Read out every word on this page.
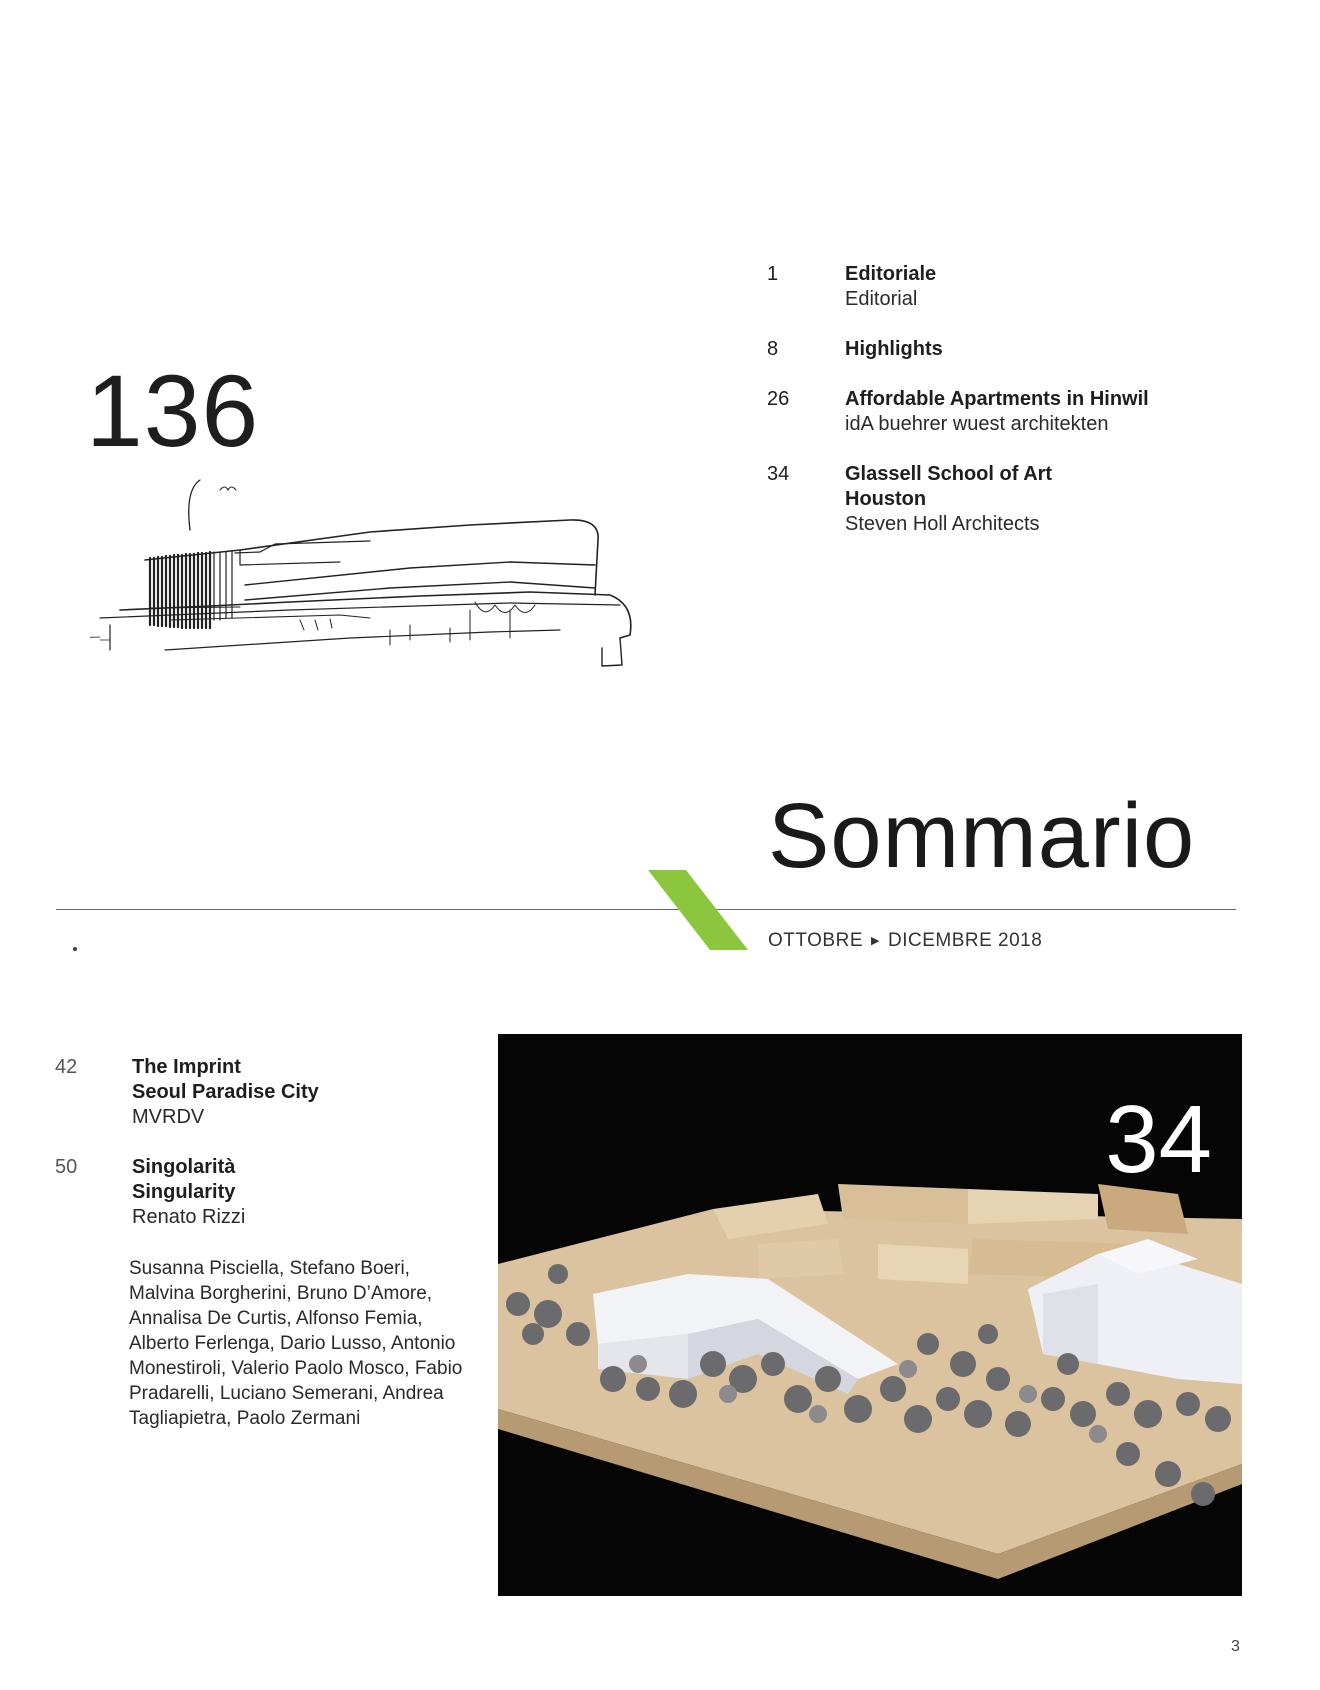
136
1	Editoriale
Editorial
8	Highlights
26	Affordable Apartments in Hinwil
idA buehrer wuest architekten
34	Glassell School of Art
Houston
Steven Holl Architects
Sommario
OTTOBRE ▶ DICEMBRE 2018
42	The Imprint
Seoul Paradise City
MVRDV
50	Singolarità
Singularity
Renato Rizzi
Susanna Pisciella, Stefano Boeri,
Malvina Borgherini, Bruno D’Amore,
Annalisa De Curtis, Alfonso Femia,
Alberto Ferlenga, Dario Lusso, Antonio
Monestiroli, Valerio Paolo Mosco, Fabio
Pradarelli, Luciano Semerani, Andrea
Tagliapietra, Paolo Zermani
34
3
